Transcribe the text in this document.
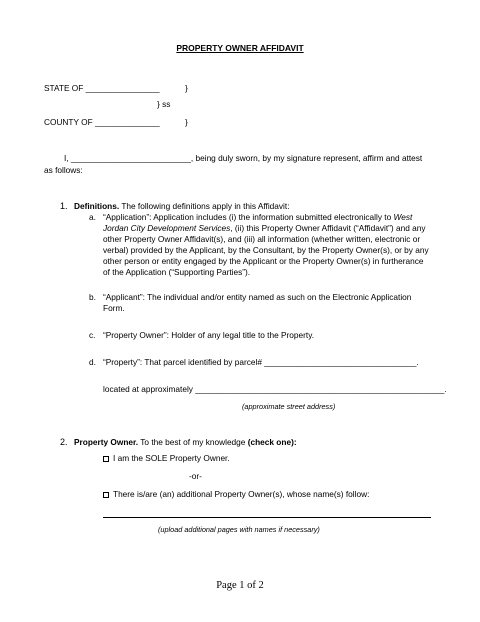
PROPERTY OWNER AFFIDAVIT
STATE OF ________________	}
} ss
COUNTY OF ______________	}
I, __________________________, being duly sworn, by my signature represent, affirm and attest
as follows:
1. Definitions. The following definitions apply in this Affidavit:
a. “Application”: Application includes (i) the information submitted electronically to West
Jordan City Development Services, (ii) this Property Owner Affidavit (“Affidavit”) and any
other Property Owner Affidavit(s), and (iii) all information (whether written, electronic or
verbal) provided by the Applicant, by the Consultant, by the Property Owner(s), or by any
other person or entity engaged by the Applicant or the Property Owner(s) in furtherance
of the Application (“Supporting Parties”).
b. “Applicant”: The individual and/or entity named as such on the Electronic Application
Form.
c. “Property Owner”: Holder of any legal title to the Property.
d. “Property”: That parcel identified by parcel# _________________________________.
located at approximately ______________________________________________________.
(approximate street address)
2. Property Owner. To the best of my knowledge (check one):
I am the SOLE Property Owner.
-or-
There is/are (an) additional Property Owner(s), whose name(s) follow:
(upload additional pages with names if necessary)
Page 1 of 2
